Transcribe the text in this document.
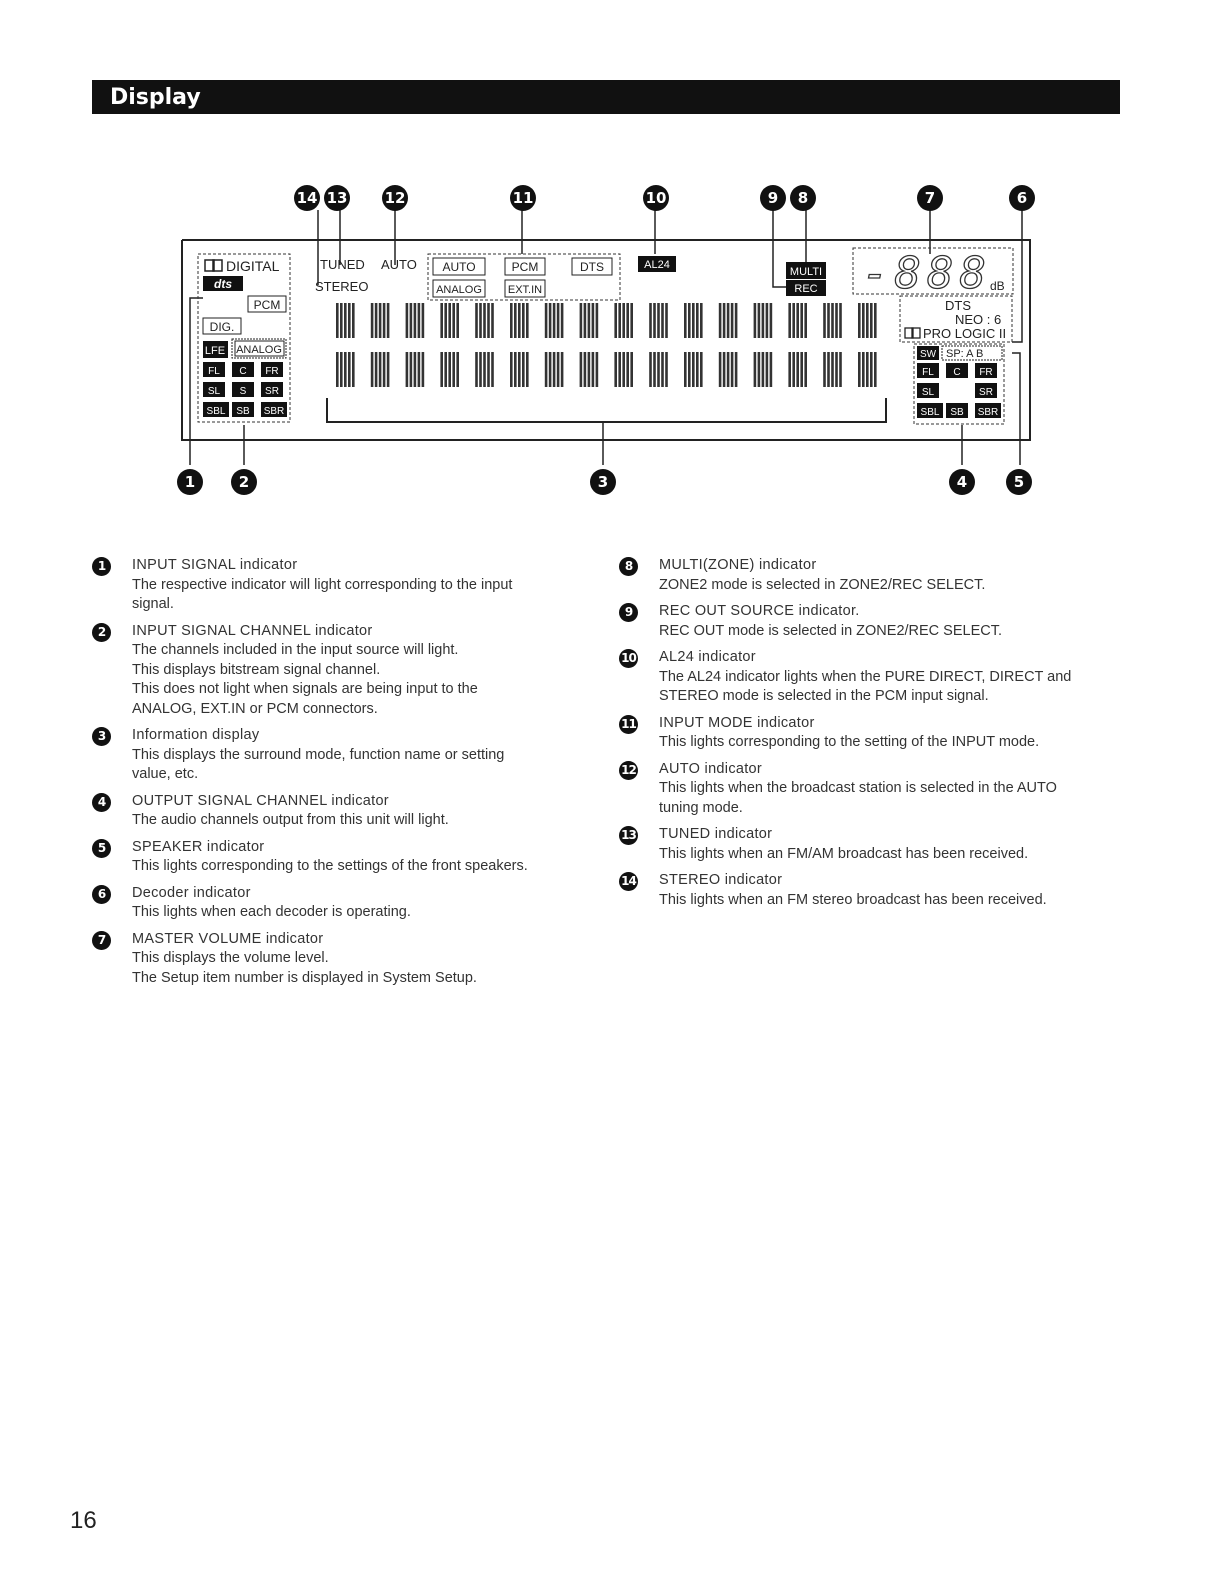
Display
14 13 12	11	10	9 8	7	6
1	2	3	4	5
DIGITAL
dts
PCM
DIG.
LFE ANALOG
FL C FR
SL S SR
SBL SB SBR
TUNED
STEREO
AUTO AUTO	PCM	DTS
ANALOG EXT.IN
AL24
MULTI
REC -888
dB
DTS
NEO : 6
PRO LOGIC II
SW SP: A B
FL C FR
SL	SR
SBL SB SBR
1	INPUT SIGNAL indicator
The respective indicator will light corresponding to the input
signal.
2	INPUT SIGNAL CHANNEL indicator
The channels included in the input source will light.
This displays bitstream signal channel.
This does not light when signals are being input to the
ANALOG, EXT.IN or PCM connectors.
3	Information display
This displays the surround mode, function name or setting
value, etc.
4	OUTPUT SIGNAL CHANNEL indicator
The audio channels output from this unit will light.
5	SPEAKER indicator
This lights corresponding to the settings of the front speakers.
6	Decoder indicator
This lights when each decoder is operating.
7	MASTER VOLUME indicator
This displays the volume level.
The Setup item number is displayed in System Setup.
8	MULTI(ZONE) indicator
ZONE2 mode is selected in ZONE2/REC SELECT.
9	REC OUT SOURCE indicator.
REC OUT mode is selected in ZONE2/REC SELECT.
10 AL24 indicator
The AL24 indicator lights when the PURE DIRECT, DIRECT and
STEREO mode is selected in the PCM input signal.
11 INPUT MODE indicator
This lights corresponding to the setting of the INPUT mode.
12 AUTO indicator
This lights when the broadcast station is selected in the AUTO
tuning mode.
13 TUNED indicator
This lights when an FM/AM broadcast has been received.
14 STEREO indicator
This lights when an FM stereo broadcast has been received.
16
